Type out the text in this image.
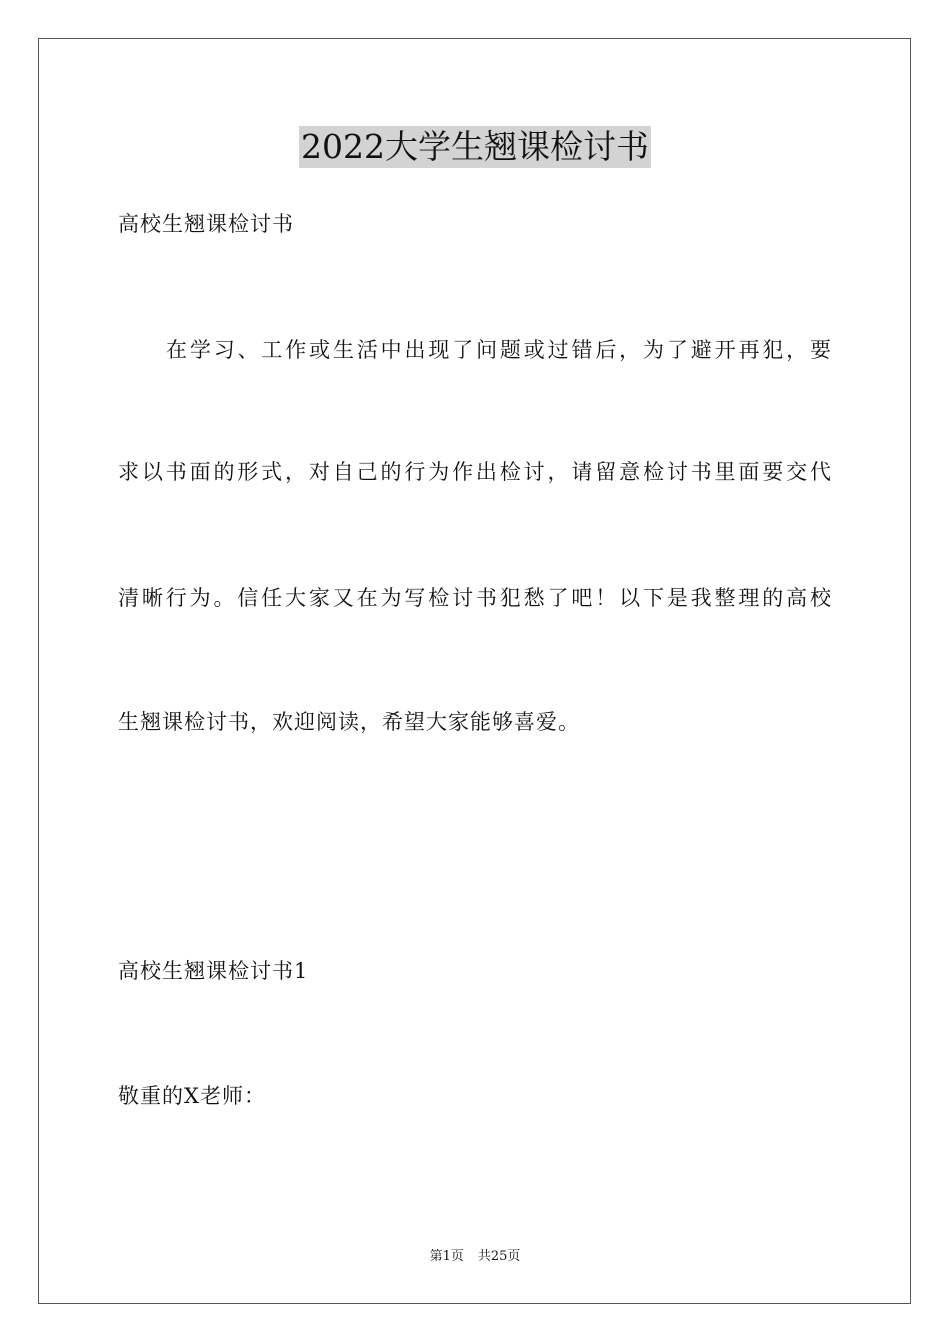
2022大学生翘课检讨书
高校生翘课检讨书
在学习、工作或生活中出现了问题或过错后，为了避开再犯，要
求以书面的形式，对自己的行为作出检讨，请留意检讨书里面要交代
清晰行为。信任大家又在为写检讨书犯愁了吧！以下是我整理的高校
生翘课检讨书，欢迎阅读，希望大家能够喜爱。
高校生翘课检讨书1
敬重的X老师：
第1页 共25页
